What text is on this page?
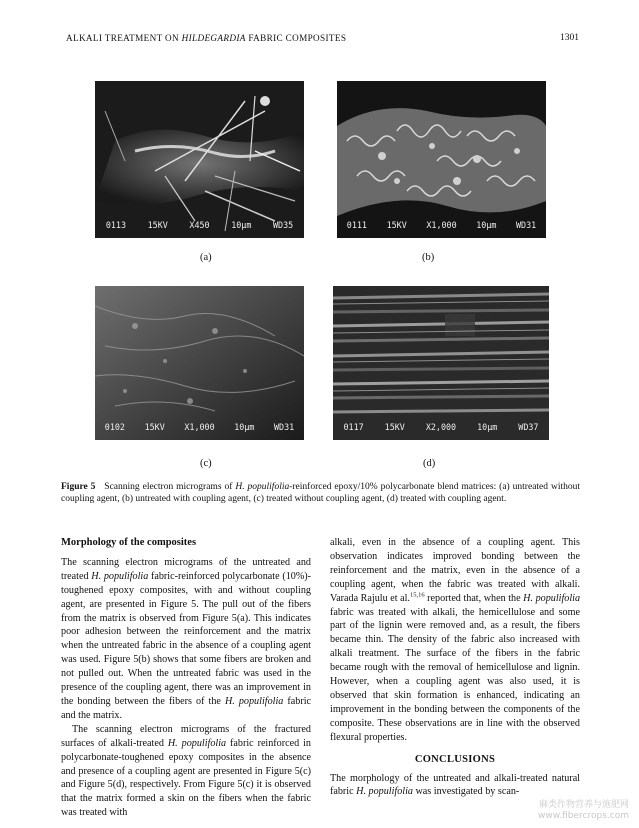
ALKALI TREATMENT ON HILDEGARDIA FABRIC COMPOSITES	1301
0113	15KV	X450	10μm	WD35
(a)
0111 15KV X1,000 10μm WD31
(b)
0102 15KV X1,000 10μm WD31
(c)
0117	15KV	X2,000	10μm	WD37
(d)
Figure 5 Scanning electron micrograms of H. populifolia-reinforced epoxy/10% polycarbonate blend matrices: (a) untreated without coupling agent, (b) untreated with coupling agent, (c) treated without coupling agent, (d) treated with coupling agent.

Morphology of the composites

The scanning electron micrograms of the untreated and treated H. populifolia fabric-reinforced polycarbonate (10%)-toughened epoxy composites, with and without coupling agent, are presented in Figure 5. The pull out of the fibers from the matrix is observed from Figure 5(a). This indicates poor adhesion between the reinforcement and the matrix when the untreated fabric in the absence of a coupling agent was used. Figure 5(b) shows that some fibers are broken and not pulled out. When the untreated fabric was used in the presence of the coupling agent, there was an improvement in the bonding between the fibers of the H. populifolia fabric and the matrix.

The scanning electron micrograms of the fractured surfaces of alkali-treated H. populifolia fabric reinforced in polycarbonate-toughened epoxy composites in the absence and presence of a coupling agent are presented in Figure 5(c) and Figure 5(d), respectively. From Figure 5(c) it is observed that the matrix formed a skin on the fibers when the fabric was treated with

alkali, even in the absence of a coupling agent. This observation indicates improved bonding between the reinforcement and the matrix, even in the absence of a coupling agent, when the fabric was treated with alkali. Varada Rajulu et al.$^{15,16}$ reported that, when the H. populifolia fabric was treated with alkali, the hemicellulose and some part of the lignin were removed and, as a result, the fibers became thin. The density of the fabric also increased with alkali treatment. The surface of the fibers in the fabric became rough with the removal of hemicellulose and lignin. However, when a coupling agent was also used, it is observed that skin formation is enhanced, indicating an improvement in the bonding between the components of the composite. These observations are in line with the observed flexural properties.

CONCLUSIONS

The morphology of the untreated and alkali-treated natural fabric H. populifolia was investigated by scan-

麻类作物营养与施肥网
www.fibercrops.com
